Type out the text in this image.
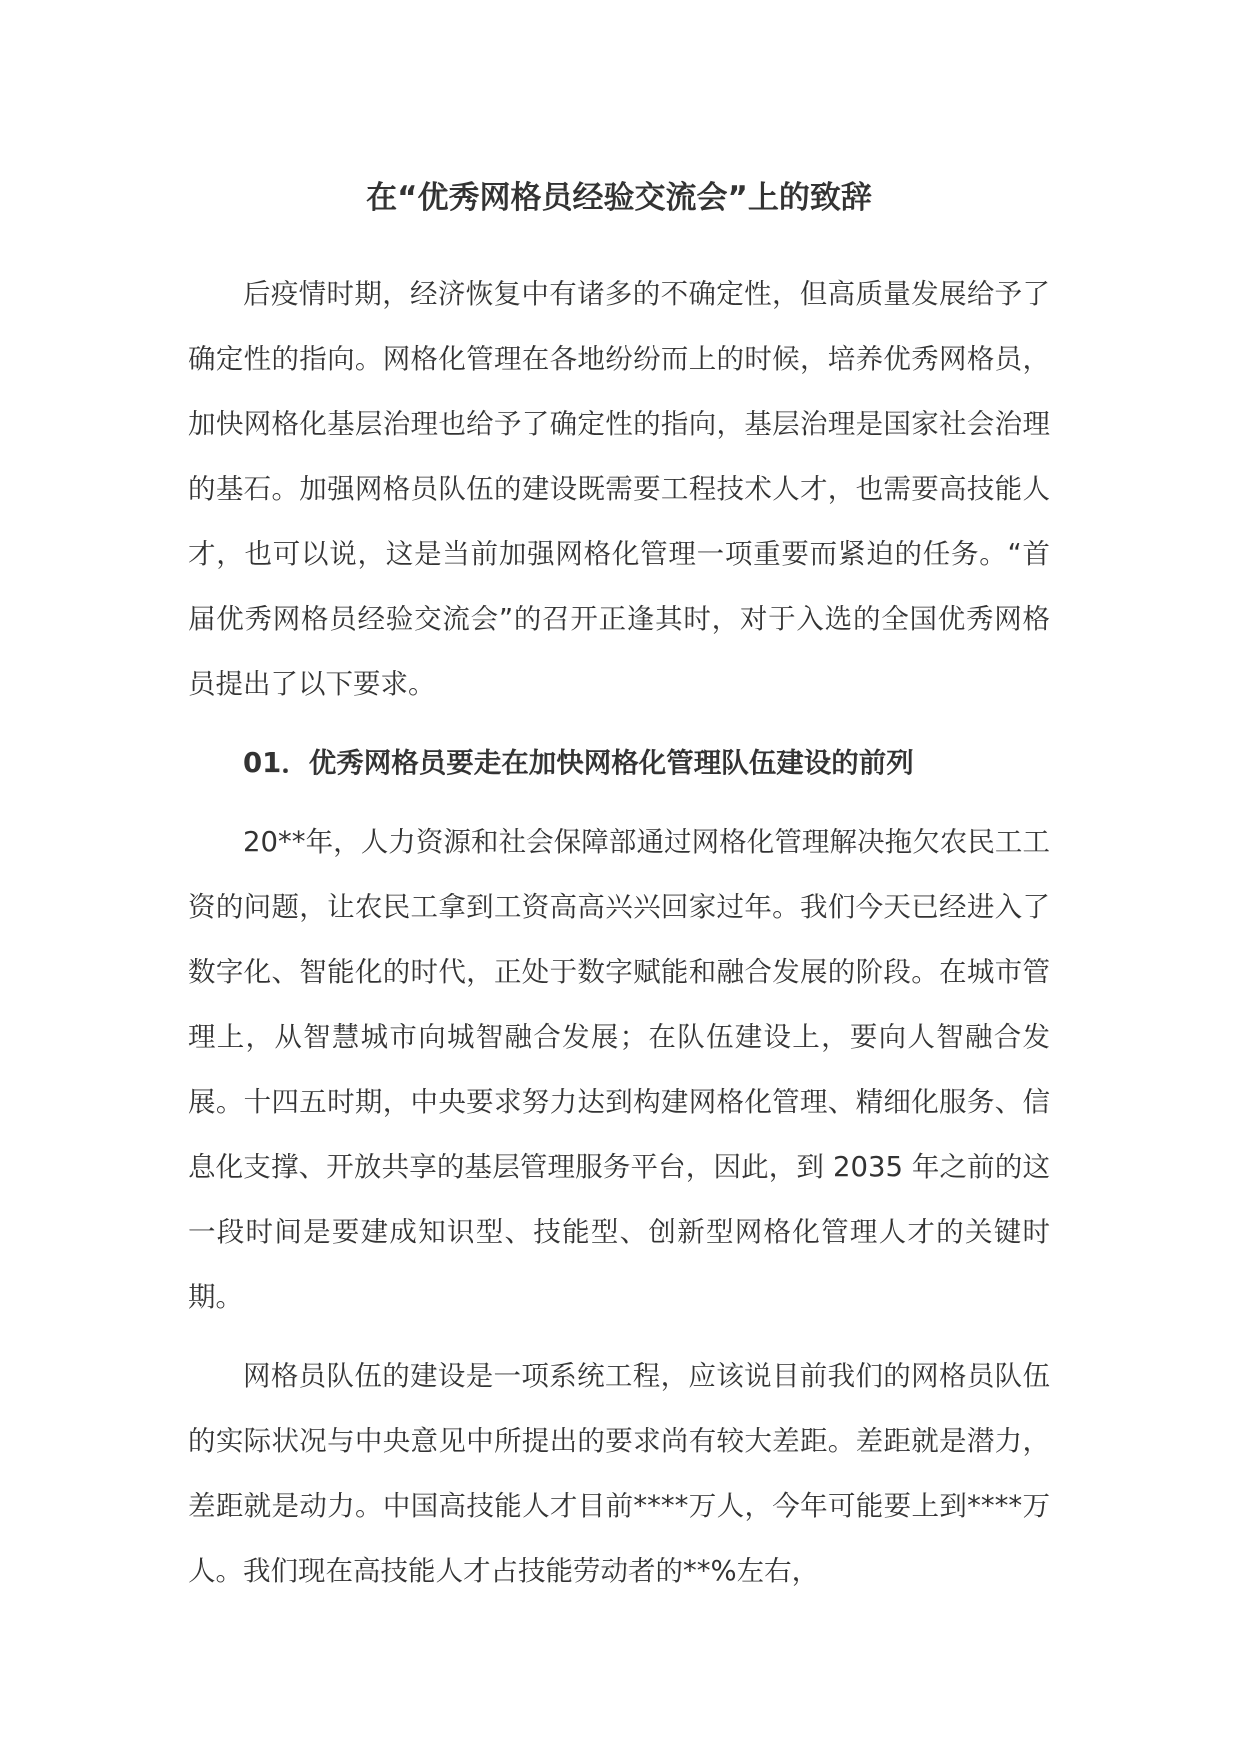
在“优秀网格员经验交流会”上的致辞

后疫情时期，经济恢复中有诸多的不确定性，但高质量发展给予了确定性的指向。网格化管理在各地纷纷而上的时候，培养优秀网格员，加快网格化基层治理也给予了确定性的指向，基层治理是国家社会治理的基石。加强网格员队伍的建设既需要工程技术人才，也需要高技能人才，也可以说，这是当前加强网格化管理一项重要而紧迫的任务。“首届优秀网格员经验交流会”的召开正逢其时，对于入选的全国优秀网格员提出了以下要求。

01．优秀网格员要走在加快网格化管理队伍建设的前列

20**年，人力资源和社会保障部通过网格化管理解决拖欠农民工工资的问题，让农民工拿到工资高高兴兴回家过年。我们今天已经进入了数字化、智能化的时代，正处于数字赋能和融合发展的阶段。在城市管理上，从智慧城市向城智融合发展；在队伍建设上，要向人智融合发展。十四五时期，中央要求努力达到构建网格化管理、精细化服务、信息化支撑、开放共享的基层管理服务平台，因此，到 2035 年之前的这一段时间是要建成知识型、技能型、创新型网格化管理人才的关键时期。

网格员队伍的建设是一项系统工程，应该说目前我们的网格员队伍的实际状况与中央意见中所提出的要求尚有较大差距。差距就是潜力，差距就是动力。中国高技能人才目前****万人，今年可能要上到****万人。我们现在高技能人才占技能劳动者的**%左右，
